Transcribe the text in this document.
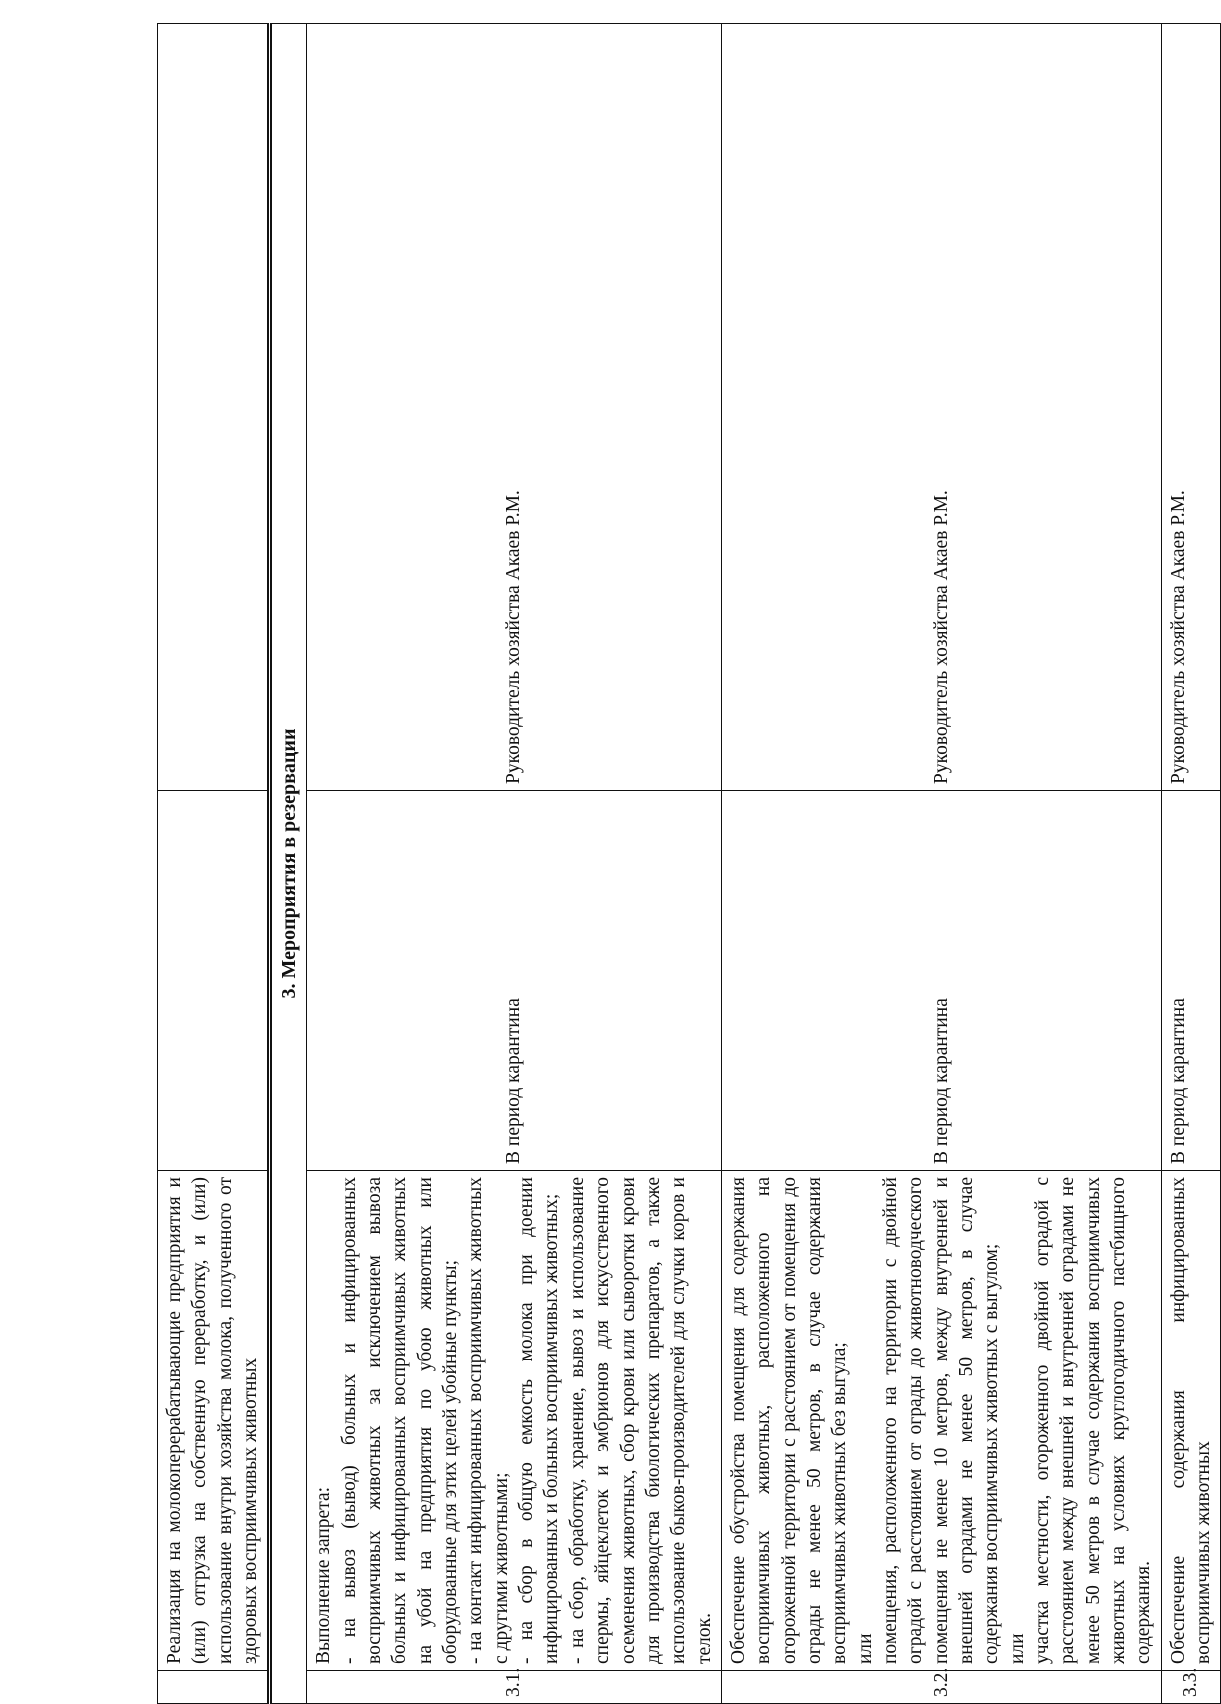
	Реализация на молокоперерабатывающие предприятия и (или) отгрузка на собственную переработку, и (или) использование внутри хозяйства молока, полученного от здоровых восприимчивых животных		
3. Мероприятия в резервации			
3.1.	Выполнение запрета: - на вывоз (вывод) больных и инфицированных восприимчивых животных за исключением вывоза больных и инфицированных восприимчивых животных на убой на предприятия по убою животных или оборудованные для этих целей убойные пункты; - на контакт инфицированных восприимчивых животных с другими животными; - на сбор в общую емкость молока при доении инфицированных и больных восприимчивых животных; - на сбор, обработку, хранение, вывоз и использование спермы, яйцеклеток и эмбрионов для искусственного осеменения животных, сбор крови или сыворотки крови для производства биологических препаратов, а также использование быков-производителей для случки коров и телок.	В период карантина	Руководитель хозяйства Акаев Р.М.
3.2.	Обеспечение обустройства помещения для содержания восприимчивых животных, расположенного на огороженной территории с расстоянием от помещения до ограды не менее 50 метров, в случае содержания восприимчивых животных без выгула; или помещения, расположенного на территории с двойной оградой с расстоянием от ограды до животноводческого помещения не менее 10 метров, между внутренней и внешней оградами не менее 50 метров, в случае содержания восприимчивых животных с выгулом; или участка местности, огороженного двойной оградой с расстоянием между внешней и внутренней оградами не менее 50 метров в случае содержания восприимчивых животных на условиях круглогодичного пастбищного содержания.	В период карантина	Руководитель хозяйства Акаев Р.М.
3.3.	Обеспечение содержания инфицированных восприимчивых животных	В период карантина	Руководитель хозяйства Акаев Р.М.
